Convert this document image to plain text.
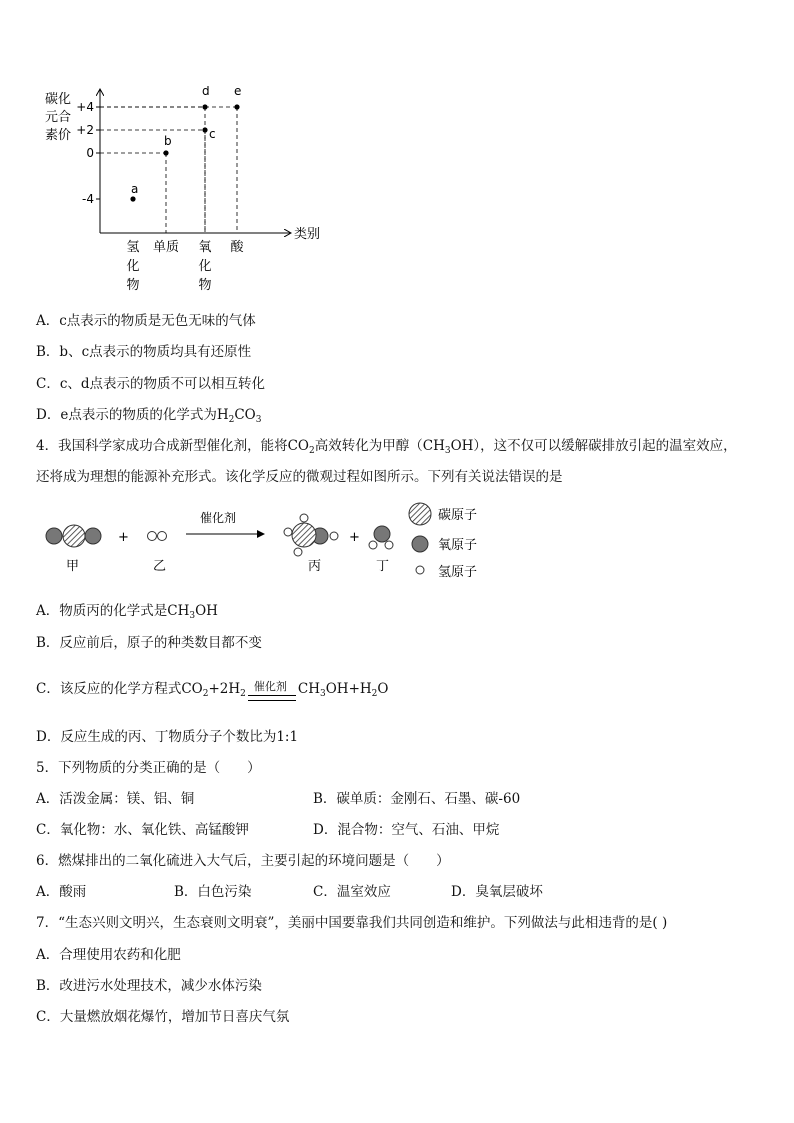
碳化
元合
素价
类别
+4
+2
0
-4
氢
化
物
单质 氧
化
物
酸
a
b	c
d e
A．c点表示的物质是无色无味的气体
B．b、c点表示的物质均具有还原性
C．c、d点表示的物质不可以相互转化
D．e点表示的物质的化学式为$H_2CO_3$
4．我国科学家成功合成新型催化剂，能将$CO_2$高效转化为甲醇$(CH_3OH)$，这不仅可以缓解碳排放引起的温室效应，
还将成为理想的能源补充形式。该化学反应的微观过程如图所示。下列有关说法错误的是
+
催化剂
+
甲	乙	丙	丁
碳原子
氧原子
氢原子
A．物质丙的化学式是$CH_3OH$
B．反应前后，原子的种类数目都不变
C．该反应的化学方程式$CO_2+2H_2$
催化剂 $CH_3OH+H_2O$
D．反应生成的丙、丁物质分子个数比为1:1
5．下列物质的分类正确的是（　　）
A．活泼金属：镁、铝、铜	B．碳单质：金刚石、石墨、碳-60
C．氧化物：水、氧化铁、高锰酸钾	D．混合物：空气、石油、甲烷
6．燃煤排出的二氧化硫进入大气后，主要引起的环境问题是（　　）
A．酸雨	B．白色污染	C．温室效应	D．臭氧层破坏
7．“生态兴则文明兴，生态衰则文明衰”，美丽中国要靠我们共同创造和维护。下列做法与此相违背的是( )
A．合理使用农药和化肥
B．改进污水处理技术，减少水体污染
C．大量燃放烟花爆竹，增加节日喜庆气氛
